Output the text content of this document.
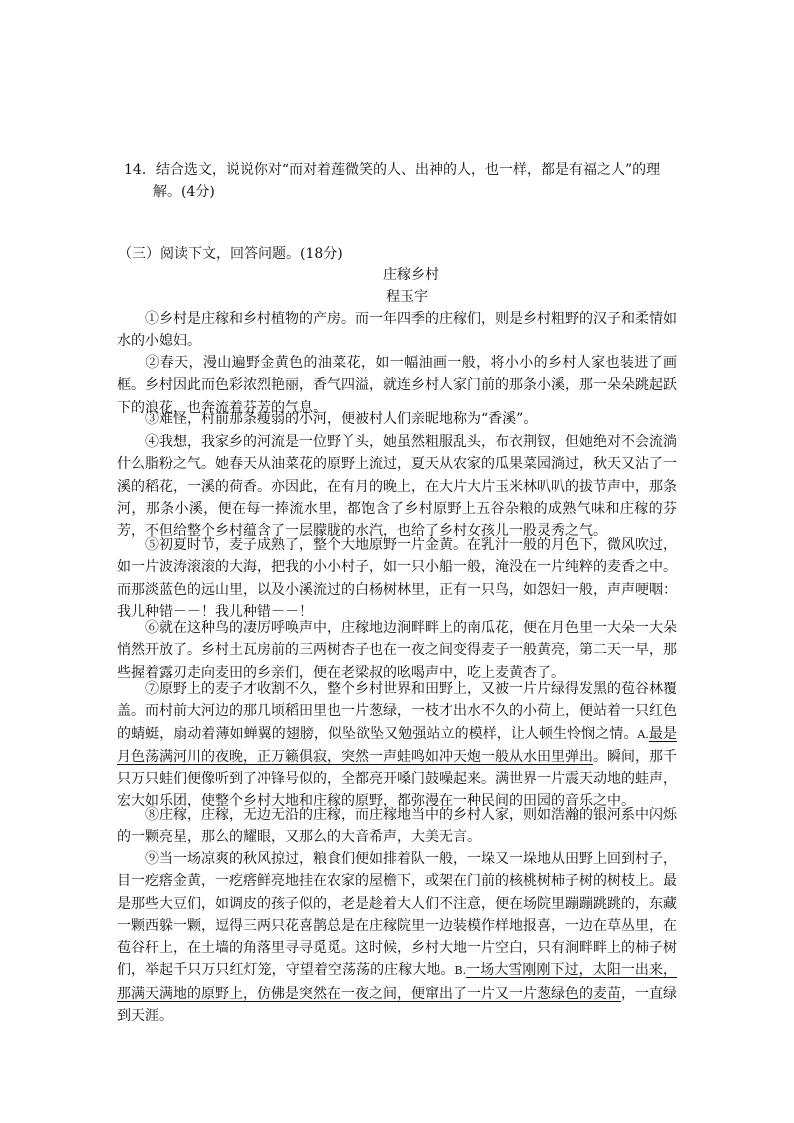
14．结合选文，说说你对“而对着莲微笑的人、出神的人，也一样，都是有福之人”的理
解。(4分)
（三）阅读下文，回答问题。(18分)
庄稼乡村
程玉宇
①乡村是庄稼和乡村植物的产房。而一年四季的庄稼们，则是乡村粗野的汉子和柔情如水的小媳妇。
②春天，漫山遍野金黄色的油菜花，如一幅油画一般，将小小的乡村人家也装进了画框。乡村因此而色彩浓烈艳丽，香气四溢，就连乡村人家门前的那条小溪，那一朵朵跳起跃下的浪花，也奔流着芬芳的气息。
③难怪，村前那条瘦弱的小河，便被村人们亲昵地称为“香溪”。
④我想，我家乡的河流是一位野丫头，她虽然粗服乱头，布衣荆钗，但她绝对不会流淌什么脂粉之气。她春天从油菜花的原野上流过，夏天从农家的瓜果菜园淌过，秋天又沾了一溪的稻花，一溪的荷香。亦因此，在有月的晚上，在大片大片玉米林叭叭的拔节声中，那条河，那条小溪，便在每一捧流水里，都饱含了乡村原野上五谷杂粮的成熟气味和庄稼的芬芳，不但给整个乡村蕴含了一层朦胧的水汽，也给了乡村女孩儿一股灵秀之气。
⑤初夏时节，麦子成熟了，整个大地原野一片金黄。在乳汁一般的月色下，微风吹过，如一片波涛滚滚的大海，把我的小小村子，如一只小船一般，淹没在一片纯粹的麦香之中。而那淡蓝色的远山里，以及小溪流过的白杨树林里，正有一只鸟，如怨妇一般，声声哽咽：我儿种错－－！我儿种错－－！
⑥就在这种鸟的凄厉呼唤声中，庄稼地边涧畔畔上的南瓜花，便在月色里一大朵一大朵悄然开放了。乡村土瓦房前的三两树杏子也在一夜之间变得麦子一般黄亮，第二天一早，那些握着露刃走向麦田的乡亲们，便在老梁叔的吆喝声中，吃上麦黄杏了。
⑦原野上的麦子才收割不久，整个乡村世界和田野上，又被一片片绿得发黑的苞谷林覆盖。而村前大河边的那几顷稻田里也一片葱绿，一枝才出水不久的小荷上，便站着一只红色的蜻蜓，扇动着薄如蝉翼的翅膀，似坠欲坠又勉强站立的模样，让人顿生怜悯之情。A.最是月色荡满河川的夜晚，正万籁俱寂，突然一声蛙鸣如冲天炮一般从水田里弹出。瞬间，那千只万只蛙们便像听到了冲锋号似的，全都亮开嗓门鼓噪起来。满世界一片震天动地的蛙声，宏大如乐团，使整个乡村大地和庄稼的原野，都弥漫在一种民间的田园的音乐之中。
⑧庄稼，庄稼，无边无沿的庄稼，而庄稼地当中的乡村人家，则如浩瀚的银河系中闪烁的一颗亮星，那么的耀眼，又那么的大音希声，大美无言。
⑨当一场凉爽的秋风掠过，粮食们便如排着队一般，一垛又一垛地从田野上回到村子，目一疙瘩金黄，一疙瘩鲜亮地挂在农家的屋檐下，或架在门前的核桃树柿子树的树枝上。最是那些大豆们，如调皮的孩子似的，老是趁着大人们不注意，便在场院里蹦蹦跳跳的，东藏一颗西躲一颗，逗得三两只花喜鹊总是在庄稼院里一边装模作样地报喜，一边在草丛里，在苞谷秆上，在土墙的角落里寻寻觅觅。这时候，乡村大地一片空白，只有涧畔畔上的柿子树们，举起千只万只红灯笼，守望着空荡荡的庄稼大地。B.一场大雪刚刚下过，太阳一出来，那满天满地的原野上，仿佛是突然在一夜之间，便窜出了一片又一片葱绿色的麦苗，一直绿到天涯。
